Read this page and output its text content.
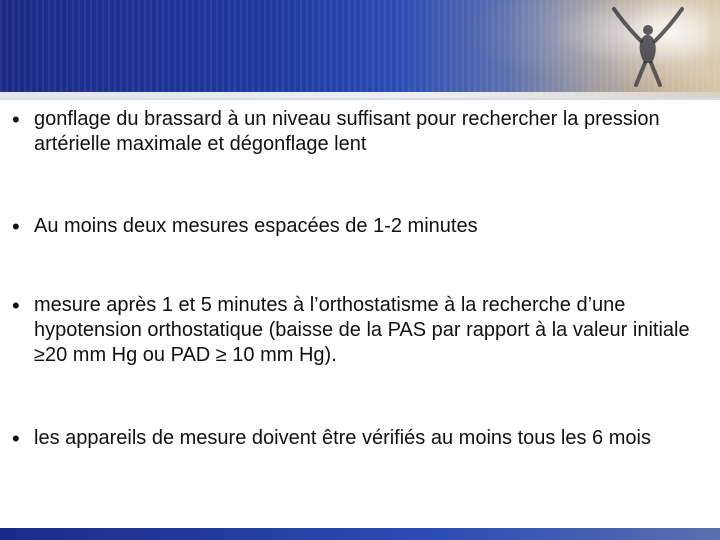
• gonflage du brassard à un niveau suffisant pour rechercher la pression artérielle maximale et dégonflage lent
• Au moins deux mesures espacées de 1-2 minutes
• mesure après 1 et 5 minutes à l’orthostatisme à la recherche d’une hypotension orthostatique (baisse de la PAS par rapport à la valeur initiale ≥20 mm Hg ou PAD ≥ 10 mm Hg).
• les appareils de mesure doivent être vérifiés au moins tous les 6 mois
